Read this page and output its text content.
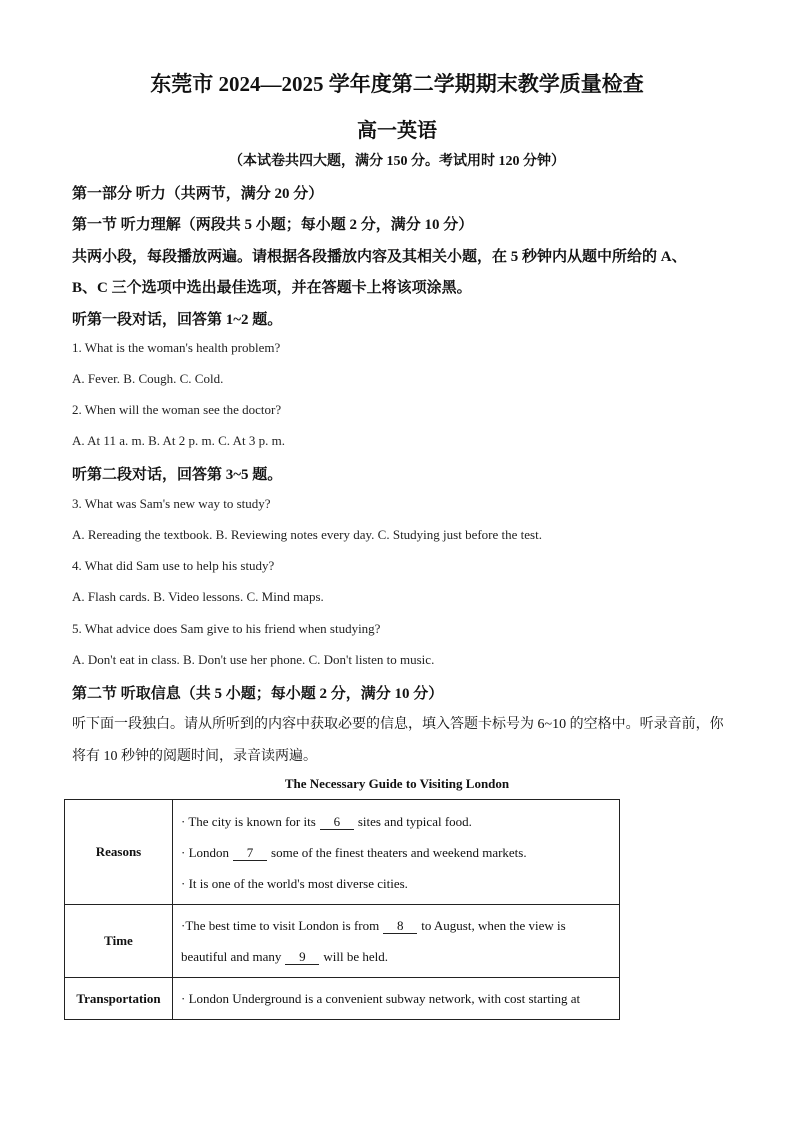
东莞市 2024—2025 学年度第二学期期末教学质量检查
高一英语
（本试卷共四大题，满分 150 分。考试用时 120 分钟）
第一部分 听力（共两节，满分 20 分）
第一节 听力理解（两段共 5 小题；每小题 2 分，满分 10 分）
共两小段，每段播放两遍。请根据各段播放内容及其相关小题，在 5 秒钟内从题中所给的 A、
B、C 三个选项中选出最佳选项，并在答题卡上将该项涂黑。
听第一段对话，回答第 1~2 题。
1. What is the woman's health problem?
A. Fever. B. Cough. C. Cold.
2. When will the woman see the doctor?
A. At 11 a. m. B. At 2 p. m. C. At 3 p. m.
听第二段对话，回答第 3~5 题。
3. What was Sam's new way to study?
A. Rereading the textbook. B. Reviewing notes every day. C. Studying just before the test.
4. What did Sam use to help his study?
A. Flash cards. B. Video lessons. C. Mind maps.
5. What advice does Sam give to his friend when studying?
A. Don't eat in class. B. Don't use her phone. C. Don't listen to music.
第二节 听取信息（共 5 小题；每小题 2 分，满分 10 分）
听下面一段独白。请从所听到的内容中获取必要的信息，填入答题卡标号为 6~10 的空格中。听录音前，你
将有 10 秒钟的阅题时间，录音读两遍。
The Necessary Guide to Visiting London
Reasons	· The city is known for its 6 sites and typical food.
· London 7 some of the finest theaters and weekend markets.
· It is one of the world's most diverse cities.

Time	·The best time to visit London is from 8 to August, when the view is
beautiful and many 9 will be held.

Transportation	· London Underground is a convenient subway network, with cost starting at
